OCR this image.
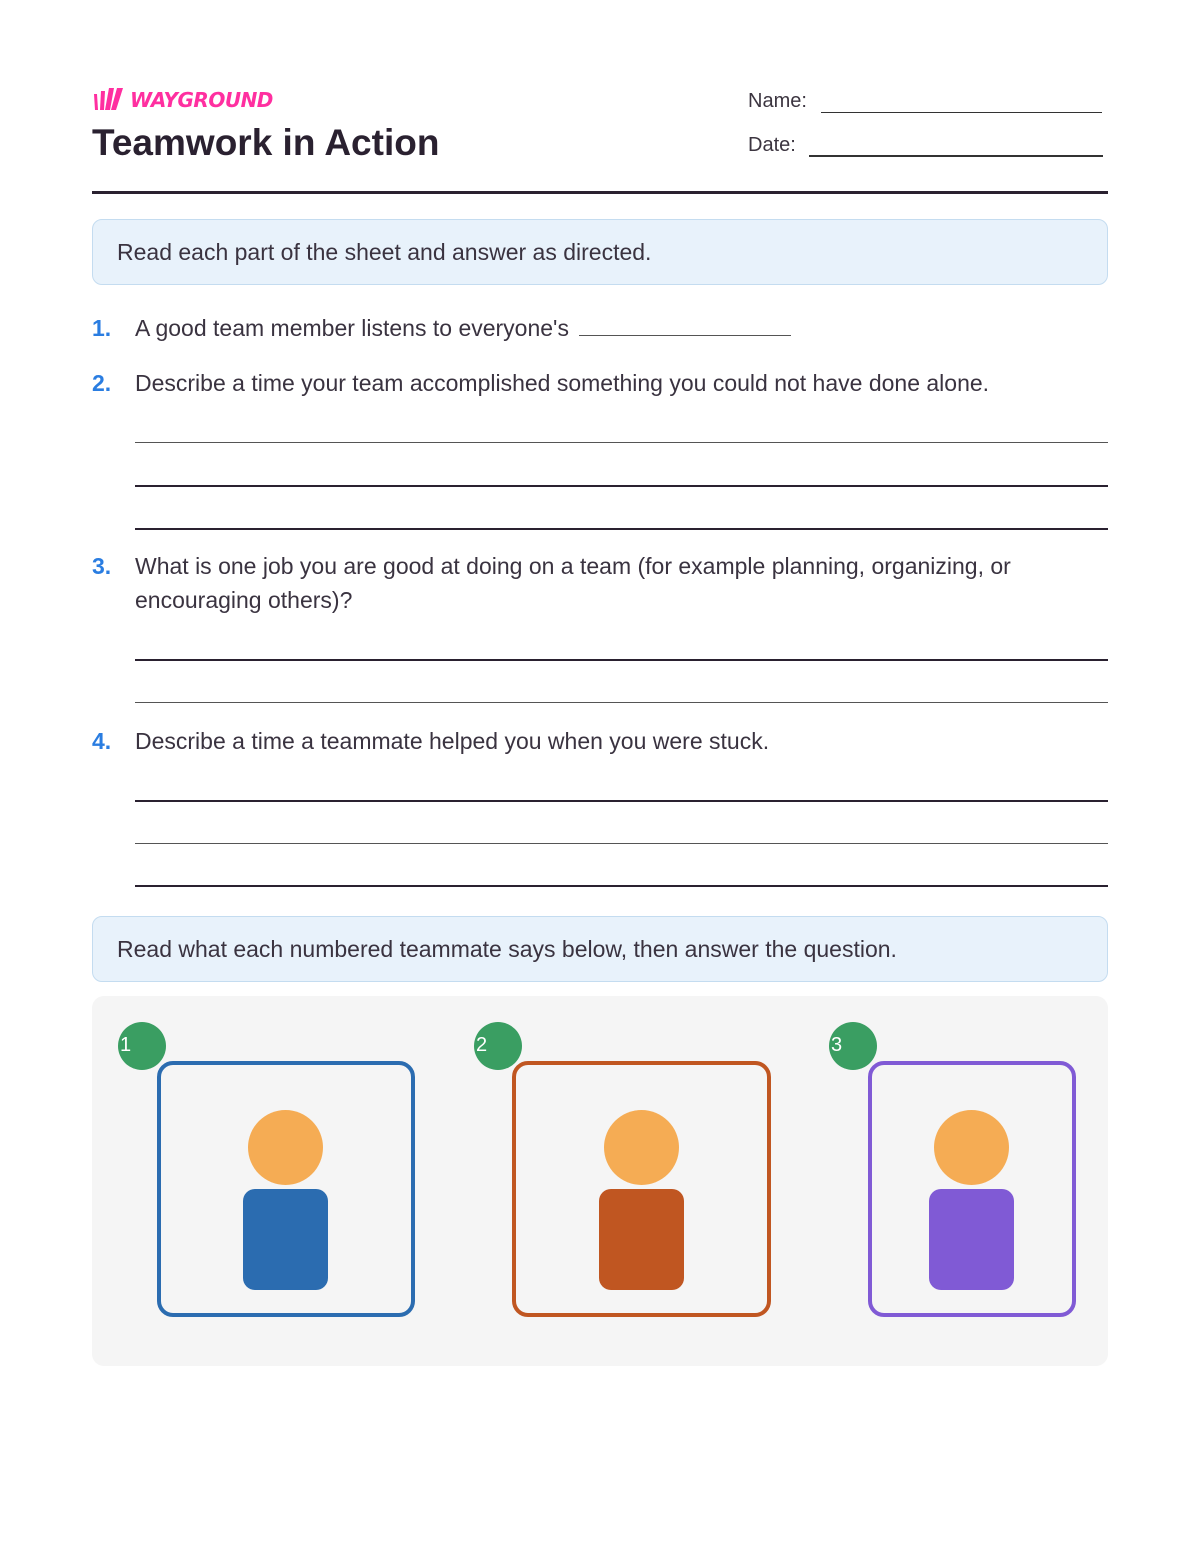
WAYGROUND
Teamwork in Action
Name:
Date:
Read each part of the sheet and answer as directed.
1.	A good team member listens to everyone's
2.	Describe a time your team accomplished something you could not have done alone.
3.	What is one job you are good at doing on a team (for example planning, organizing, or encouraging others)?
4.	Describe a time a teammate helped you when you were stuck.
Read what each numbered teammate says below, then answer the question.
1	2	3
